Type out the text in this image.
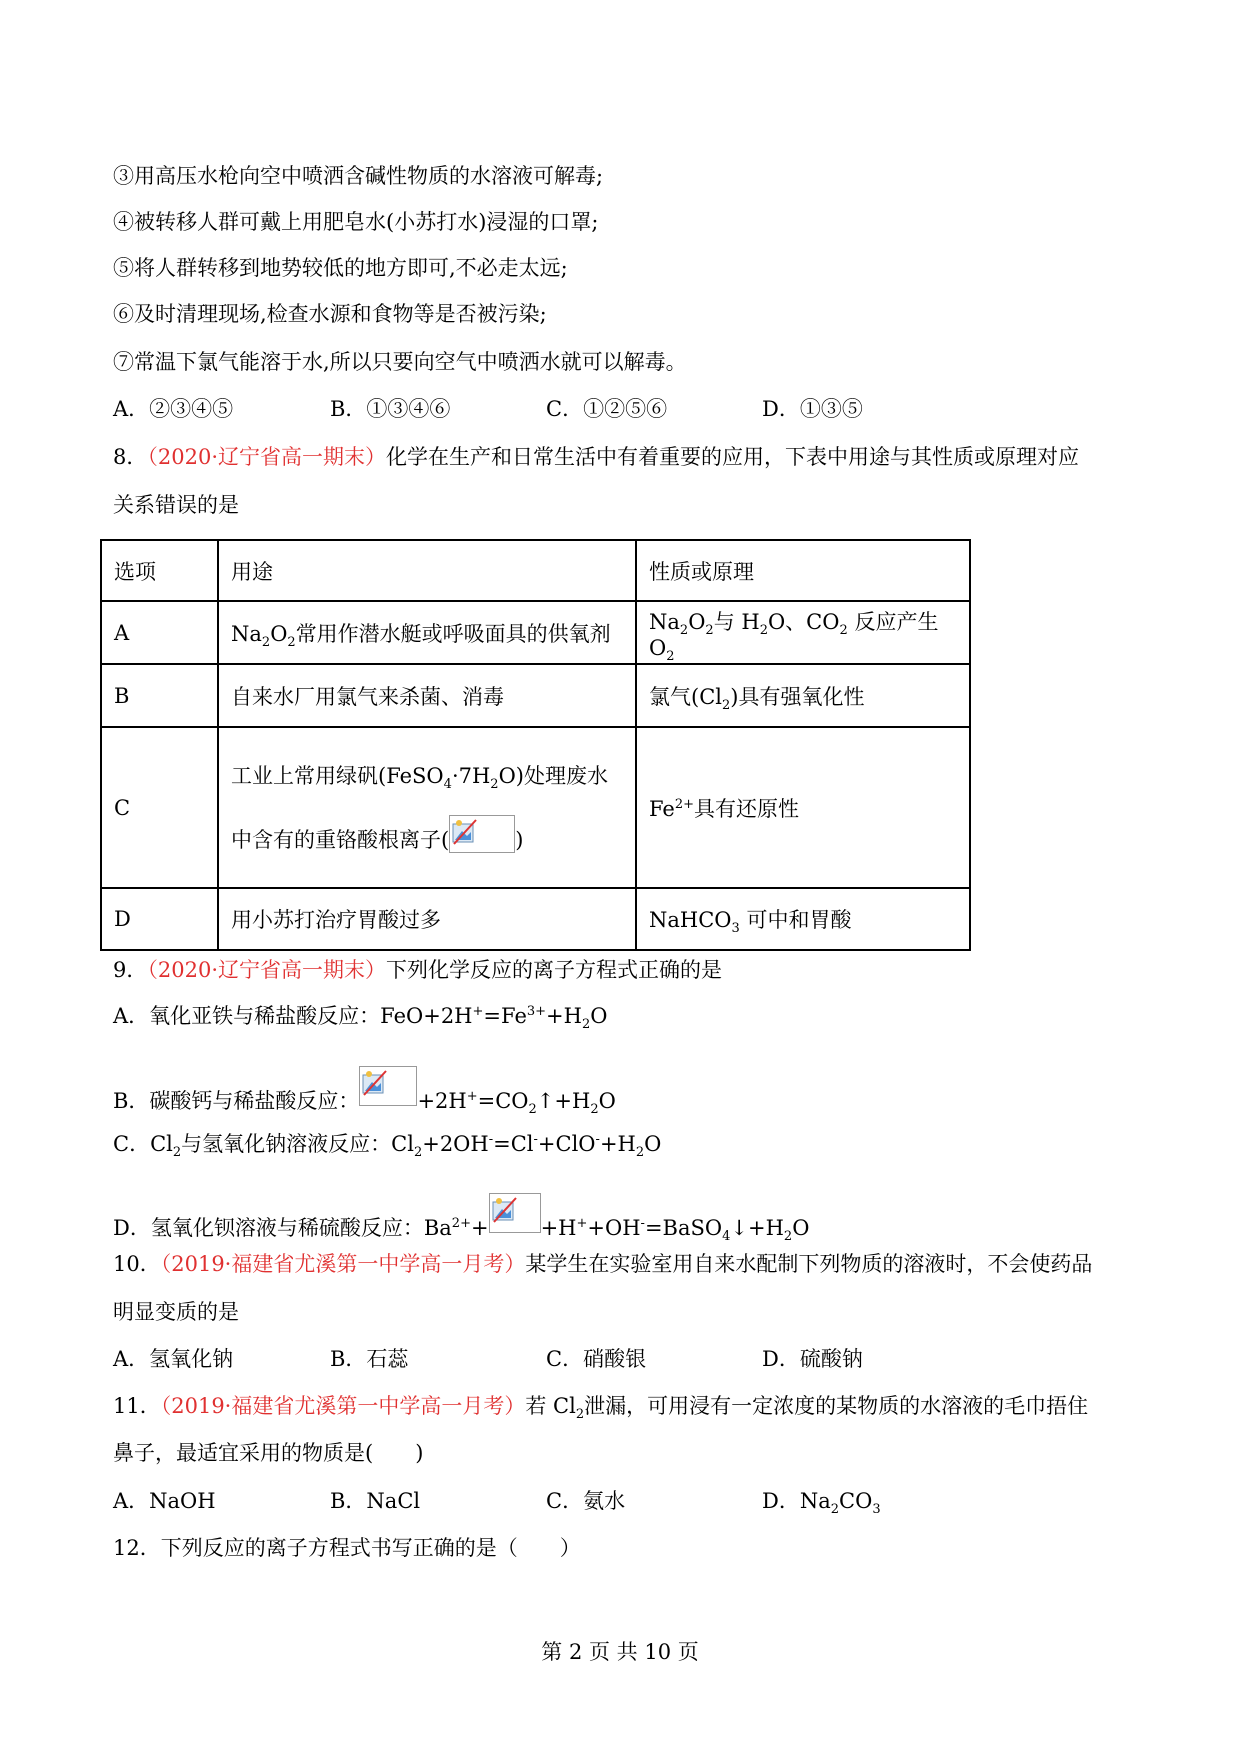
③用高压水枪向空中喷洒含碱性物质的水溶液可解毒;
④被转移人群可戴上用肥皂水(小苏打水)浸湿的口罩;
⑤将人群转移到地势较低的地方即可,不必走太远;
⑥及时清理现场,检查水源和食物等是否被污染;
⑦常温下氯气能溶于水,所以只要向空气中喷洒水就可以解毒。
A．②③④⑤	B．①③④⑥	C．①②⑤⑥	D．①③⑤
8．（2020·辽宁省高一期末）化学在生产和日常生活中有着重要的应用，下表中用途与其性质或原理对应
关系错误的是
选项	用途	性质或原理
A	$Na_2O_2$常用作潜水艇或呼吸面具的供氧剂	$Na_2O_2$与 $H_2O$、$CO_2$ 反应产生 $O_2$
B	自来水厂用氯气来杀菌、消毒	氯气$(Cl_2)$具有强氧化性
C	工业上常用绿矾$(FeSO_4\cdot 7H_2O)$处理废水
中含有的重铬酸根离子( )	$Fe^{2+}$具有还原性
D	用小苏打治疗胃酸过多	NaHCO$_3$ 可中和胃酸
9．（2020·辽宁省高一期末）下列化学反应的离子方程式正确的是
A．氧化亚铁与稀盐酸反应：$FeO+2H^+=Fe^{3+}+H_2O$
B．碳酸钙与稀盐酸反应：	$+2H^+=CO_2↑+H_2O$
C．$Cl_2$与氢氧化钠溶液反应：$Cl_2+2OH^-=Cl^-+ClO^-+H_2O$
D．氢氧化钡溶液与稀硫酸反应：$Ba^{2+}+$ $+H^++OH^-=BaSO_4↓+H_2O$
10．（2019·福建省尤溪第一中学高一月考）某学生在实验室用自来水配制下列物质的溶液时，不会使药品
明显变质的是
A．氢氧化钠	B．石蕊	C．硝酸银	D．硫酸钠
11．（2019·福建省尤溪第一中学高一月考）若 $Cl_2$泄漏，可用浸有一定浓度的某物质的水溶液的毛巾捂住
鼻子，最适宜采用的物质是(　　)
A．NaOH	B．NaCl	C．氨水	D．$Na_2CO_3$
12．下列反应的离子方程式书写正确的是（　　）
第 2 页 共 10 页
